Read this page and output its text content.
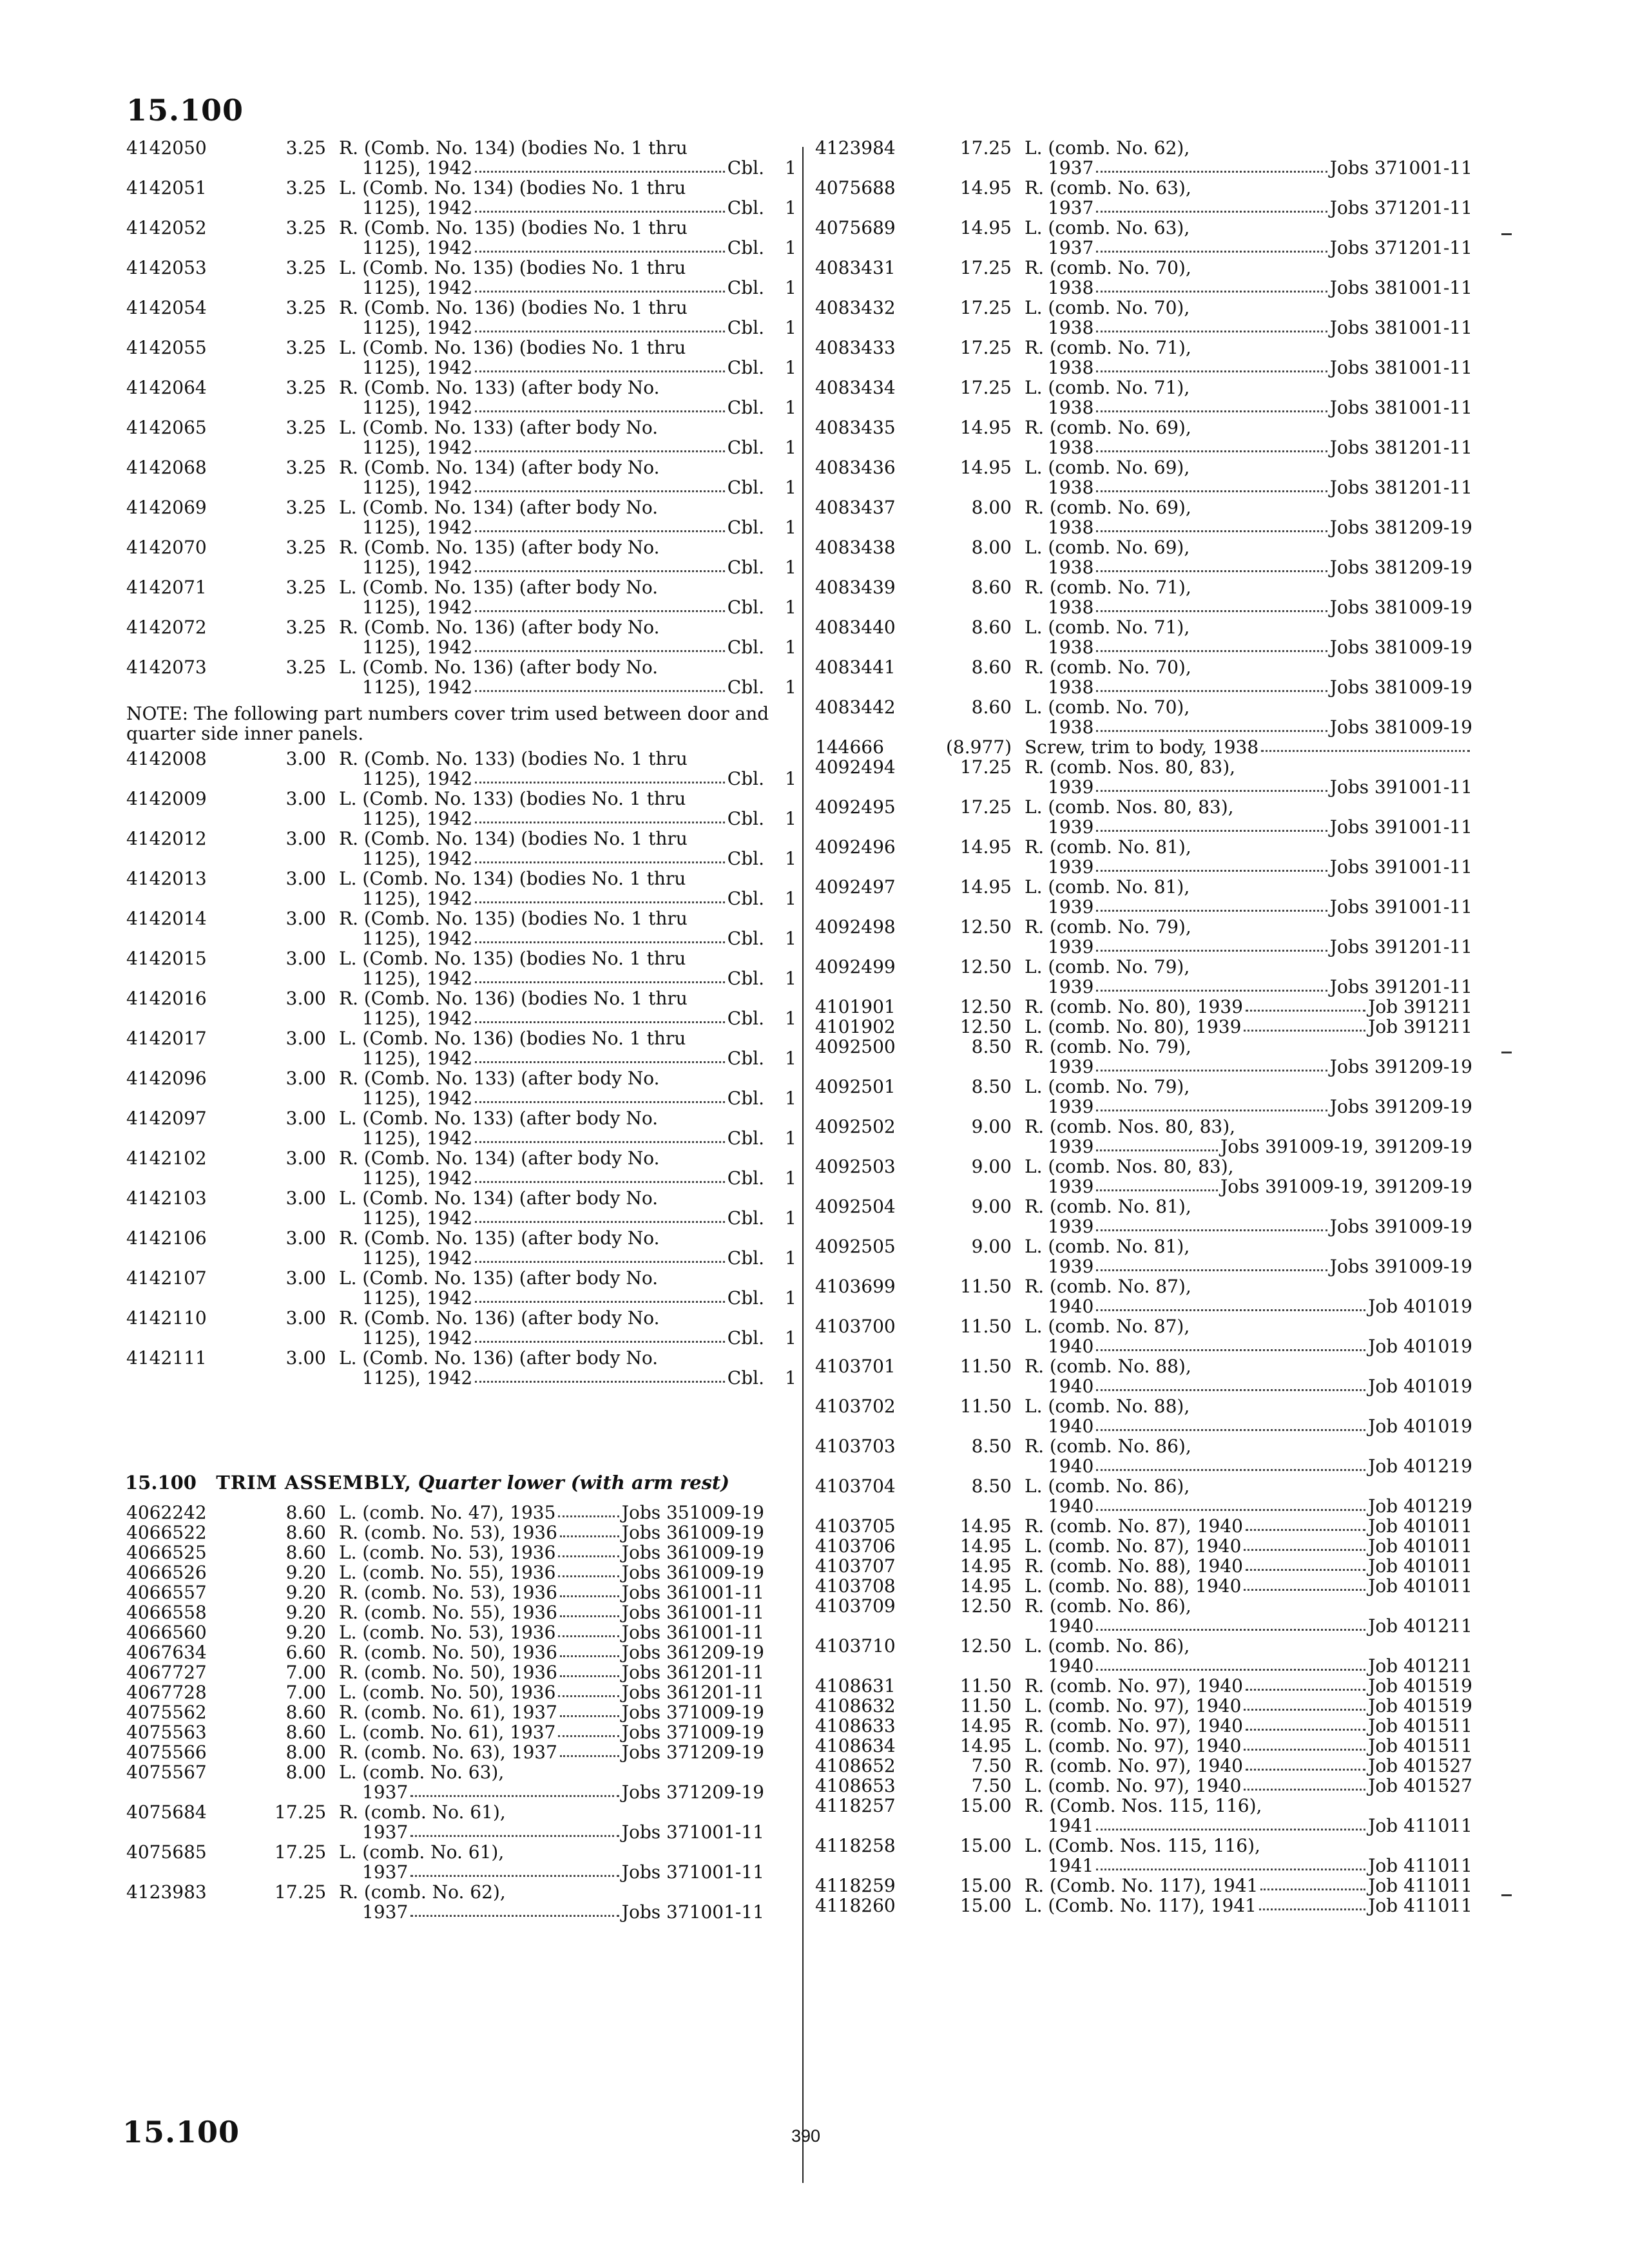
15.100
4142050	3.25 R. (Comb. No. 134) (bodies No. 1 thru
1125), 1942	Cbl.	1
4142051	3.25 L. (Comb. No. 134) (bodies No. 1 thru
1125), 1942	Cbl.	1
4142052	3.25 R. (Comb. No. 135) (bodies No. 1 thru
1125), 1942	Cbl.	1
4142053	3.25 L. (Comb. No. 135) (bodies No. 1 thru
1125), 1942	Cbl.	1
4142054	3.25 R. (Comb. No. 136) (bodies No. 1 thru
1125), 1942	Cbl.	1
4142055	3.25 L. (Comb. No. 136) (bodies No. 1 thru
1125), 1942	Cbl.	1
4142064	3.25 R. (Comb. No. 133) (after body No.
1125), 1942	Cbl.	1
4142065	3.25 L. (Comb. No. 133) (after body No.
1125), 1942	Cbl.	1
4142068	3.25 R. (Comb. No. 134) (after body No.
1125), 1942	Cbl.	1
4142069	3.25 L. (Comb. No. 134) (after body No.
1125), 1942	Cbl.	1
4142070	3.25 R. (Comb. No. 135) (after body No.
1125), 1942	Cbl.	1
4142071	3.25 L. (Comb. No. 135) (after body No.
1125), 1942	Cbl.	1
4142072	3.25 R. (Comb. No. 136) (after body No.
1125), 1942	Cbl.	1
4142073	3.25 L. (Comb. No. 136) (after body No.
1125), 1942	Cbl.	1
NOTE: The following part numbers cover trim used between door and quarter side inner panels.
4142008	3.00 R. (Comb. No. 133) (bodies No. 1 thru
1125), 1942	Cbl.	1
4142009	3.00 L. (Comb. No. 133) (bodies No. 1 thru
1125), 1942	Cbl.	1
4142012	3.00 R. (Comb. No. 134) (bodies No. 1 thru
1125), 1942	Cbl.	1
4142013	3.00 L. (Comb. No. 134) (bodies No. 1 thru
1125), 1942	Cbl.	1
4142014	3.00 R. (Comb. No. 135) (bodies No. 1 thru
1125), 1942	Cbl.	1
4142015	3.00 L. (Comb. No. 135) (bodies No. 1 thru
1125), 1942	Cbl.	1
4142016	3.00 R. (Comb. No. 136) (bodies No. 1 thru
1125), 1942	Cbl.	1
4142017	3.00 L. (Comb. No. 136) (bodies No. 1 thru
1125), 1942	Cbl.	1
4142096	3.00 R. (Comb. No. 133) (after body No.
1125), 1942	Cbl.	1
4142097	3.00 L. (Comb. No. 133) (after body No.
1125), 1942	Cbl.	1
4142102	3.00 R. (Comb. No. 134) (after body No.
1125), 1942	Cbl.	1
4142103	3.00 L. (Comb. No. 134) (after body No.
1125), 1942	Cbl.	1
4142106	3.00 R. (Comb. No. 135) (after body No.
1125), 1942	Cbl.	1
4142107	3.00 L. (Comb. No. 135) (after body No.
1125), 1942	Cbl.	1
4142110	3.00 R. (Comb. No. 136) (after body No.
1125), 1942	Cbl.	1
4142111	3.00 L. (Comb. No. 136) (after body No.
1125), 1942	Cbl.	1
15.100 TRIM ASSEMBLY, Quarter lower (with arm rest)
4062242	8.60 L. (comb. No. 47), 1935	Jobs 351009-19
4066522	8.60 R. (comb. No. 53), 1936	Jobs 361009-19
4066525	8.60 L. (comb. No. 53), 1936	Jobs 361009-19
4066526	9.20 L. (comb. No. 55), 1936	Jobs 361009-19
4066557	9.20 R. (comb. No. 53), 1936	Jobs 361001-11
4066558	9.20 R. (comb. No. 55), 1936	Jobs 361001-11
4066560	9.20 L. (comb. No. 53), 1936	Jobs 361001-11
4067634	6.60 R. (comb. No. 50), 1936	Jobs 361209-19
4067727	7.00 R. (comb. No. 50), 1936	Jobs 361201-11
4067728	7.00 L. (comb. No. 50), 1936	Jobs 361201-11
4075562	8.60 R. (comb. No. 61), 1937	Jobs 371009-19
4075563	8.60 L. (comb. No. 61), 1937	Jobs 371009-19
4075566	8.00 R. (comb. No. 63), 1937	Jobs 371209-19
4075567	8.00 L. (comb. No. 63),
1937	Jobs 371209-19
4075684	17.25 R. (comb. No. 61),
1937	Jobs 371001-11
4075685	17.25 L. (comb. No. 61),
1937	Jobs 371001-11
4123983	17.25 R. (comb. No. 62),
1937	Jobs 371001-11
4123984	17.25 L. (comb. No. 62),
1937	Jobs 371001-11
4075688	14.95 R. (comb. No. 63),
1937	Jobs 371201-11
4075689	14.95 L. (comb. No. 63),
1937	Jobs 371201-11
4083431	17.25 R. (comb. No. 70),
1938	Jobs 381001-11
4083432	17.25 L. (comb. No. 70),
1938	Jobs 381001-11
4083433	17.25 R. (comb. No. 71),
1938	Jobs 381001-11
4083434	17.25 L. (comb. No. 71),
1938	Jobs 381001-11
4083435	14.95 R. (comb. No. 69),
1938	Jobs 381201-11
4083436	14.95 L. (comb. No. 69),
1938	Jobs 381201-11
4083437	8.00 R. (comb. No. 69),
1938	Jobs 381209-19
4083438	8.00 L. (comb. No. 69),
1938	Jobs 381209-19
4083439	8.60 R. (comb. No. 71),
1938	Jobs 381009-19
4083440	8.60 L. (comb. No. 71),
1938	Jobs 381009-19
4083441	8.60 R. (comb. No. 70),
1938	Jobs 381009-19
4083442	8.60 L. (comb. No. 70),
1938	Jobs 381009-19
144666	(8.977) Screw, trim to body, 1938
4092494	17.25 R. (comb. Nos. 80, 83),
1939	Jobs 391001-11
4092495	17.25 L. (comb. Nos. 80, 83),
1939	Jobs 391001-11
4092496	14.95 R. (comb. No. 81),
1939	Jobs 391001-11
4092497	14.95 L. (comb. No. 81),
1939	Jobs 391001-11
4092498	12.50 R. (comb. No. 79),
1939	Jobs 391201-11
4092499	12.50 L. (comb. No. 79),
1939	Jobs 391201-11
4101901	12.50 R. (comb. No. 80), 1939	Job 391211
4101902	12.50 L. (comb. No. 80), 1939	Job 391211
4092500	8.50 R. (comb. No. 79),
1939	Jobs 391209-19
4092501	8.50 L. (comb. No. 79),
1939	Jobs 391209-19
4092502	9.00 R. (comb. Nos. 80, 83),
1939	Jobs 391009-19, 391209-19
4092503	9.00 L. (comb. Nos. 80, 83),
1939	Jobs 391009-19, 391209-19
4092504	9.00 R. (comb. No. 81),
1939	Jobs 391009-19
4092505	9.00 L. (comb. No. 81),
1939	Jobs 391009-19
4103699	11.50 R. (comb. No. 87),
1940	Job 401019
4103700	11.50 L. (comb. No. 87),
1940	Job 401019
4103701	11.50 R. (comb. No. 88),
1940	Job 401019
4103702	11.50 L. (comb. No. 88),
1940	Job 401019
4103703	8.50 R. (comb. No. 86),
1940	Job 401219
4103704	8.50 L. (comb. No. 86),
1940	Job 401219
4103705	14.95 R. (comb. No. 87), 1940	Job 401011
4103706	14.95 L. (comb. No. 87), 1940	Job 401011
4103707	14.95 R. (comb. No. 88), 1940	Job 401011
4103708	14.95 L. (comb. No. 88), 1940	Job 401011
4103709	12.50 R. (comb. No. 86),
1940	Job 401211
4103710	12.50 L. (comb. No. 86),
1940	Job 401211
4108631	11.50 R. (comb. No. 97), 1940	Job 401519
4108632	11.50 L. (comb. No. 97), 1940	Job 401519
4108633	14.95 R. (comb. No. 97), 1940	Job 401511
4108634	14.95 L. (comb. No. 97), 1940	Job 401511
4108652	7.50 R. (comb. No. 97), 1940	Job 401527
4108653	7.50 L. (comb. No. 97), 1940	Job 401527
4118257	15.00 R. (Comb. Nos. 115, 116),
1941	Job 411011
4118258	15.00 L. (Comb. Nos. 115, 116),
1941	Job 411011
4118259	15.00 R. (Comb. No. 117), 1941	Job 411011
4118260	15.00 L. (Comb. No. 117), 1941	Job 411011
15.100	390
